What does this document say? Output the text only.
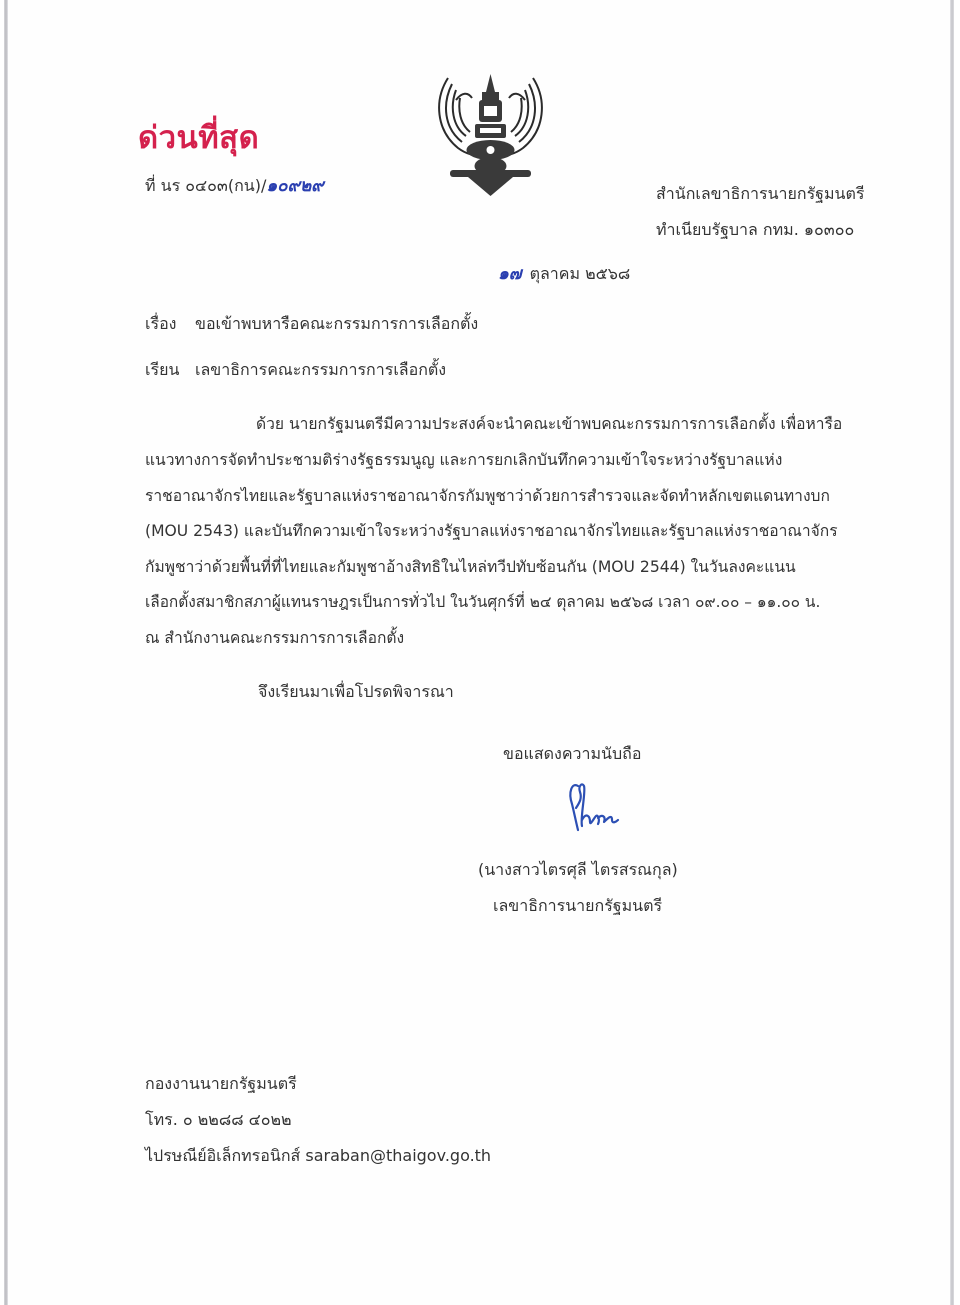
ด่วนที่สุด
ที่ นร ๐๔๐๓(กน)/๑๐๙๒๙	สำนักเลขาธิการนายกรัฐมนตรี
ทำเนียบรัฐบาล กทม. ๑๐๓๐๐
๑๗ ตุลาคม ๒๕๖๘
เรื่อง ขอเข้าพบหารือคณะกรรมการการเลือกตั้ง
เรียน เลขาธิการคณะกรรมการการเลือกตั้ง
ด้วย นายกรัฐมนตรีมีความประสงค์จะนำคณะเข้าพบคณะกรรมการการเลือกตั้ง เพื่อหารือ
แนวทางการจัดทำประชามติร่างรัฐธรรมนูญ และการยกเลิกบันทึกความเข้าใจระหว่างรัฐบาลแห่ง
ราชอาณาจักรไทยและรัฐบาลแห่งราชอาณาจักรกัมพูชาว่าด้วยการสำรวจและจัดทำหลักเขตแดนทางบก
(MOU 2543) และบันทึกความเข้าใจระหว่างรัฐบาลแห่งราชอาณาจักรไทยและรัฐบาลแห่งราชอาณาจักร
กัมพูชาว่าด้วยพื้นที่ที่ไทยและกัมพูชาอ้างสิทธิในไหล่ทวีปทับซ้อนกัน (MOU 2544) ในวันลงคะแนน
เลือกตั้งสมาชิกสภาผู้แทนราษฎรเป็นการทั่วไป ในวันศุกร์ที่ ๒๔ ตุลาคม ๒๕๖๘ เวลา ๐๙.๐๐ – ๑๑.๐๐ น.
ณ สำนักงานคณะกรรมการการเลือกตั้ง
จึงเรียนมาเพื่อโปรดพิจารณา
ขอแสดงความนับถือ
(นางสาวไตรศุลี ไตรสรณกุล)
เลขาธิการนายกรัฐมนตรี
กองงานนายกรัฐมนตรี
โทร. ๐ ๒๒๘๘ ๔๐๒๒
ไปรษณีย์อิเล็กทรอนิกส์ saraban@thaigov.go.th
